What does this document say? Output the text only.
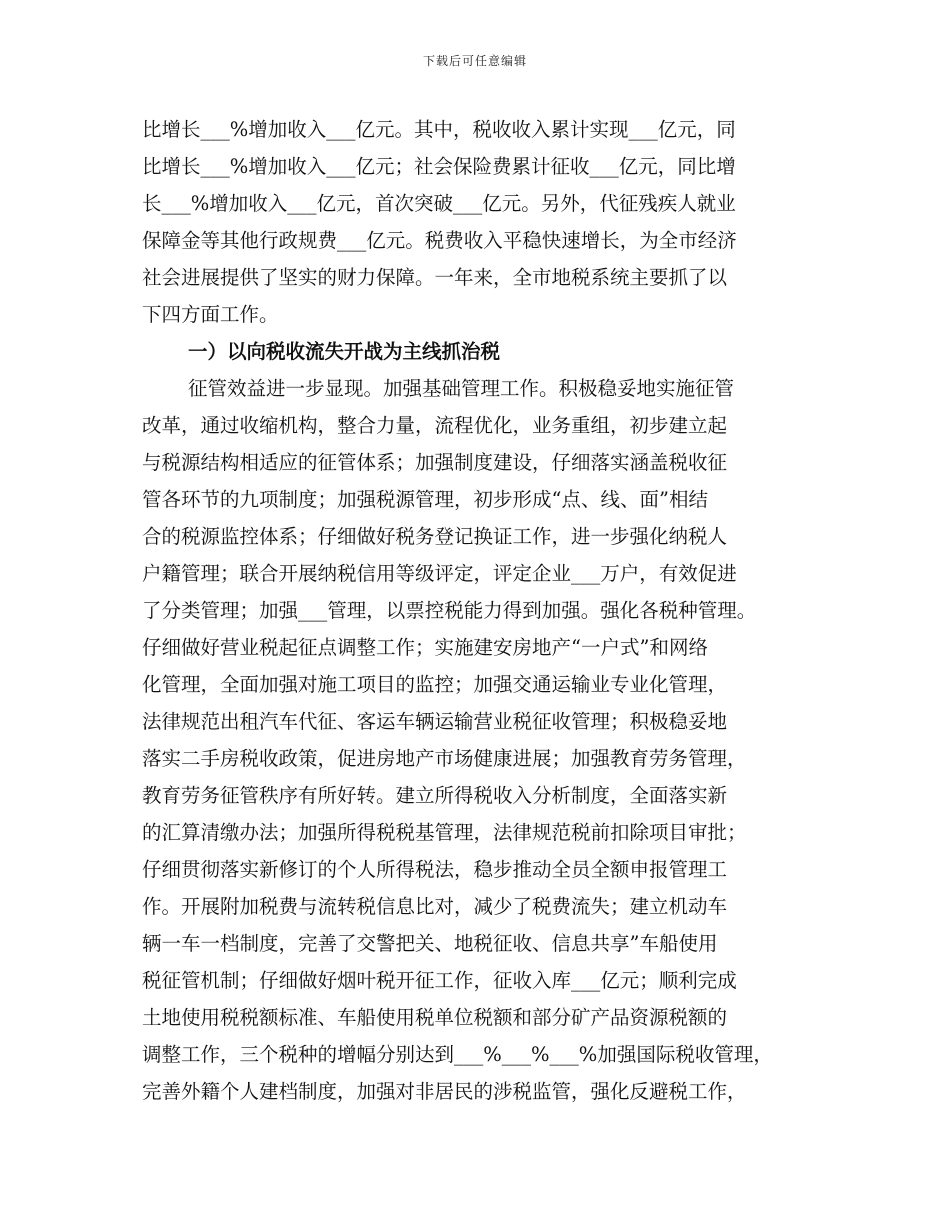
下载后可任意编辑
比增长___%增加收入___亿元。其中，税收收入累计实现___亿元，同
比增长___%增加收入___亿元；社会保险费累计征收___亿元，同比增
长___%增加收入___亿元，首次突破___亿元。另外，代征残疾人就业
保障金等其他行政规费___亿元。税费收入平稳快速增长，为全市经济
社会进展提供了坚实的财力保障。一年来，全市地税系统主要抓了以
下四方面工作。
一）以向税收流失开战为主线抓治税
征管效益进一步显现。加强基础管理工作。积极稳妥地实施征管
改革，通过收缩机构，整合力量，流程优化，业务重组，初步建立起
与税源结构相适应的征管体系；加强制度建设，仔细落实涵盖税收征
管各环节的九项制度；加强税源管理，初步形成“点、线、面”相结
合的税源监控体系；仔细做好税务登记换证工作，进一步强化纳税人
户籍管理；联合开展纳税信用等级评定，评定企业___万户，有效促进
了分类管理；加强___管理，以票控税能力得到加强。强化各税种管理。
仔细做好营业税起征点调整工作；实施建安房地产“一户式”和网络
化管理，全面加强对施工项目的监控；加强交通运输业专业化管理，
法律规范出租汽车代征、客运车辆运输营业税征收管理；积极稳妥地
落实二手房税收政策，促进房地产市场健康进展；加强教育劳务管理，
教育劳务征管秩序有所好转。建立所得税收入分析制度，全面落实新
的汇算清缴办法；加强所得税税基管理，法律规范税前扣除项目审批；
仔细贯彻落实新修订的个人所得税法，稳步推动全员全额申报管理工
作。开展附加税费与流转税信息比对，减少了税费流失；建立机动车
辆一车一档制度，完善了交警把关、地税征收、信息共享”车船使用
税征管机制；仔细做好烟叶税开征工作，征收入库___亿元；顺利完成
土地使用税税额标准、车船使用税单位税额和部分矿产品资源税额的
调整工作，三个税种的增幅分别达到___%___%___%加强国际税收管理，
完善外籍个人建档制度，加强对非居民的涉税监管，强化反避税工作，
